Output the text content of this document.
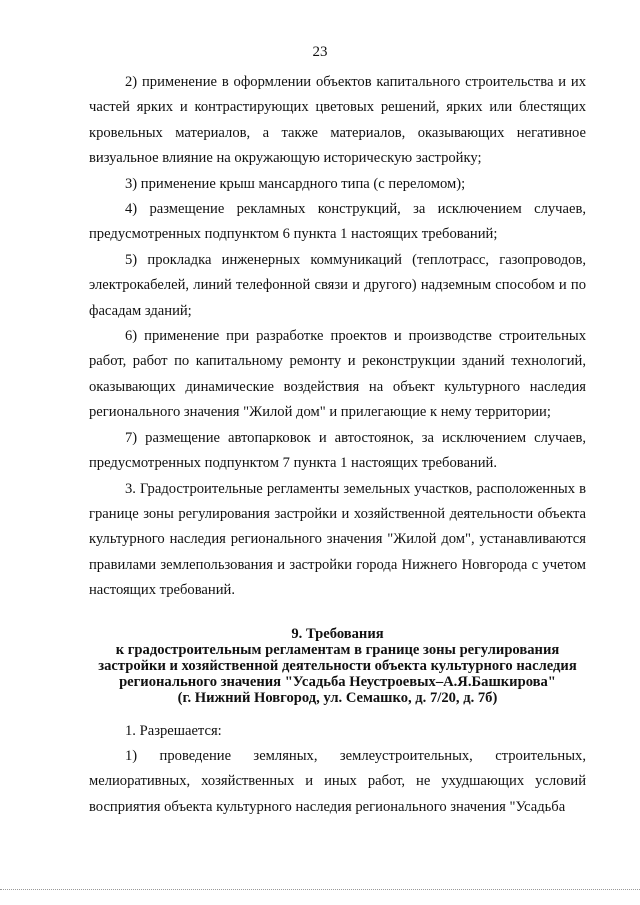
23

2) применение в оформлении объектов капитального строительства и их частей ярких и контрастирующих цветовых решений, ярких или блестящих кровельных материалов, а также материалов, оказывающих негативное визуальное влияние на окружающую историческую застройку;

3) применение крыш мансардного типа (с переломом);

4) размещение рекламных конструкций, за исключением случаев, предусмотренных подпунктом 6 пункта 1 настоящих требований;

5) прокладка инженерных коммуникаций (теплотрасс, газопроводов, электрокабелей, линий телефонной связи и другого) надземным способом и по фасадам зданий;

6) применение при разработке проектов и производстве строительных работ, работ по капитальному ремонту и реконструкции зданий технологий, оказывающих динамические воздействия на объект культурного наследия регионального значения "Жилой дом" и прилегающие к нему территории;

7) размещение автопарковок и автостоянок, за исключением случаев, предусмотренных подпунктом 7 пункта 1 настоящих требований.

3. Градостроительные регламенты земельных участков, расположенных в границе зоны регулирования застройки и хозяйственной деятельности объекта культурного наследия регионального значения "Жилой дом", устанавливаются правилами землепользования и застройки города Нижнего Новгорода с учетом настоящих требований.

9. Требования
к градостроительным регламентам в границе зоны регулирования
застройки и хозяйственной деятельности объекта культурного наследия
регионального значения "Усадьба Неустроевых–А.Я.Башкирова"
(г. Нижний Новгород, ул. Семашко, д. 7/20, д. 7б)

1. Разрешается:

1) проведение земляных, землеустроительных, строительных, мелиоративных, хозяйственных и иных работ, не ухудшающих условий восприятия объекта культурного наследия регионального значения "Усадьба
